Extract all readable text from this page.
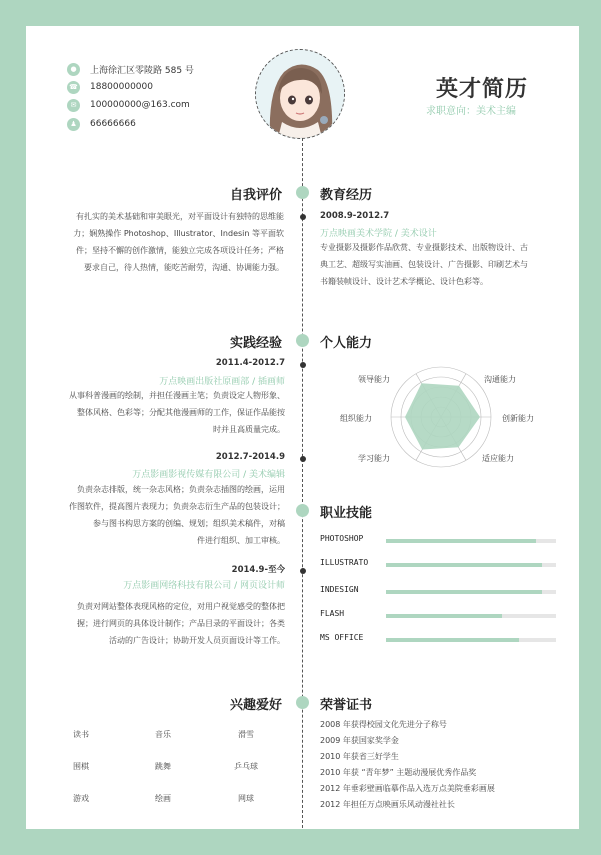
●	上海徐汇区零陵路 585 号
☎ 18800000000
✉	100000000@163.com
♟	66666666
英才简历
求职意向：美术主编
自我评价
有扎实的美术基础和审美眼光，对平面设计有独特的思维能
力；娴熟操作 Photoshop、Illustrator、Indesin 等平面软
件；坚持不懈的创作激情，能独立完成各项设计任务；严格
要求自己，待人热情，能吃苦耐劳，沟通、协调能力强。
教育经历
2008.9-2012.7
万点映画美术学院 / 美术设计
专业摄影及摄影作品欣赏、专业摄影技术、出版物设计、古
典工艺、超级写实油画、包装设计、广告摄影、印刷艺术与
书籍装帧设计、设计艺术学概论、设计色彩等。
实践经验
2011.4-2012.7
万点映画出版社原画部 / 插画师
从事科普漫画的绘制，并担任漫画主笔；负责设定人物形象、
整体风格、色彩等；分配其他漫画师的工作，保证作品能按
时并且高质量完成。
2012.7-2014.9
万点影画影视传媒有限公司 / 美术编辑
负责杂志排版，统一杂志风格；负责杂志插图的绘画，运用
作图软件，提高图片表现力；负责杂志衍生产品的包装设计；
参与图书构思方案的创编、规划；组织美术稿件，对稿
件进行组织、加工审核。
2014.9-至今
万点影画网络科技有限公司 / 网页设计师
负责对网站整体表现风格的定位，对用户视觉感受的整体把
握；进行网页的具体设计制作；产品目录的平面设计；各类
活动的广告设计；协助开发人员页面设计等工作。
个人能力
领导能力	沟通能力
组织能力	创新能力
学习能力	适应能力
职业技能
PHOTOSHOP
ILLUSTRATO
INDESIGN
FLASH
MS OFFICE
兴趣爱好
读书	音乐	滑雪
围棋	跳舞	乒乓球
游戏	绘画	网球
荣誉证书
2008 年获得校园文化先进分子称号
2009 年获国家奖学金
2010 年获省三好学生
2010 年获 “青年梦” 主题动漫展优秀作品奖
2012 年垂彩壁画临摹作品入选万点美院垂彩画展
2012 年担任万点映画乐风动漫社社长
